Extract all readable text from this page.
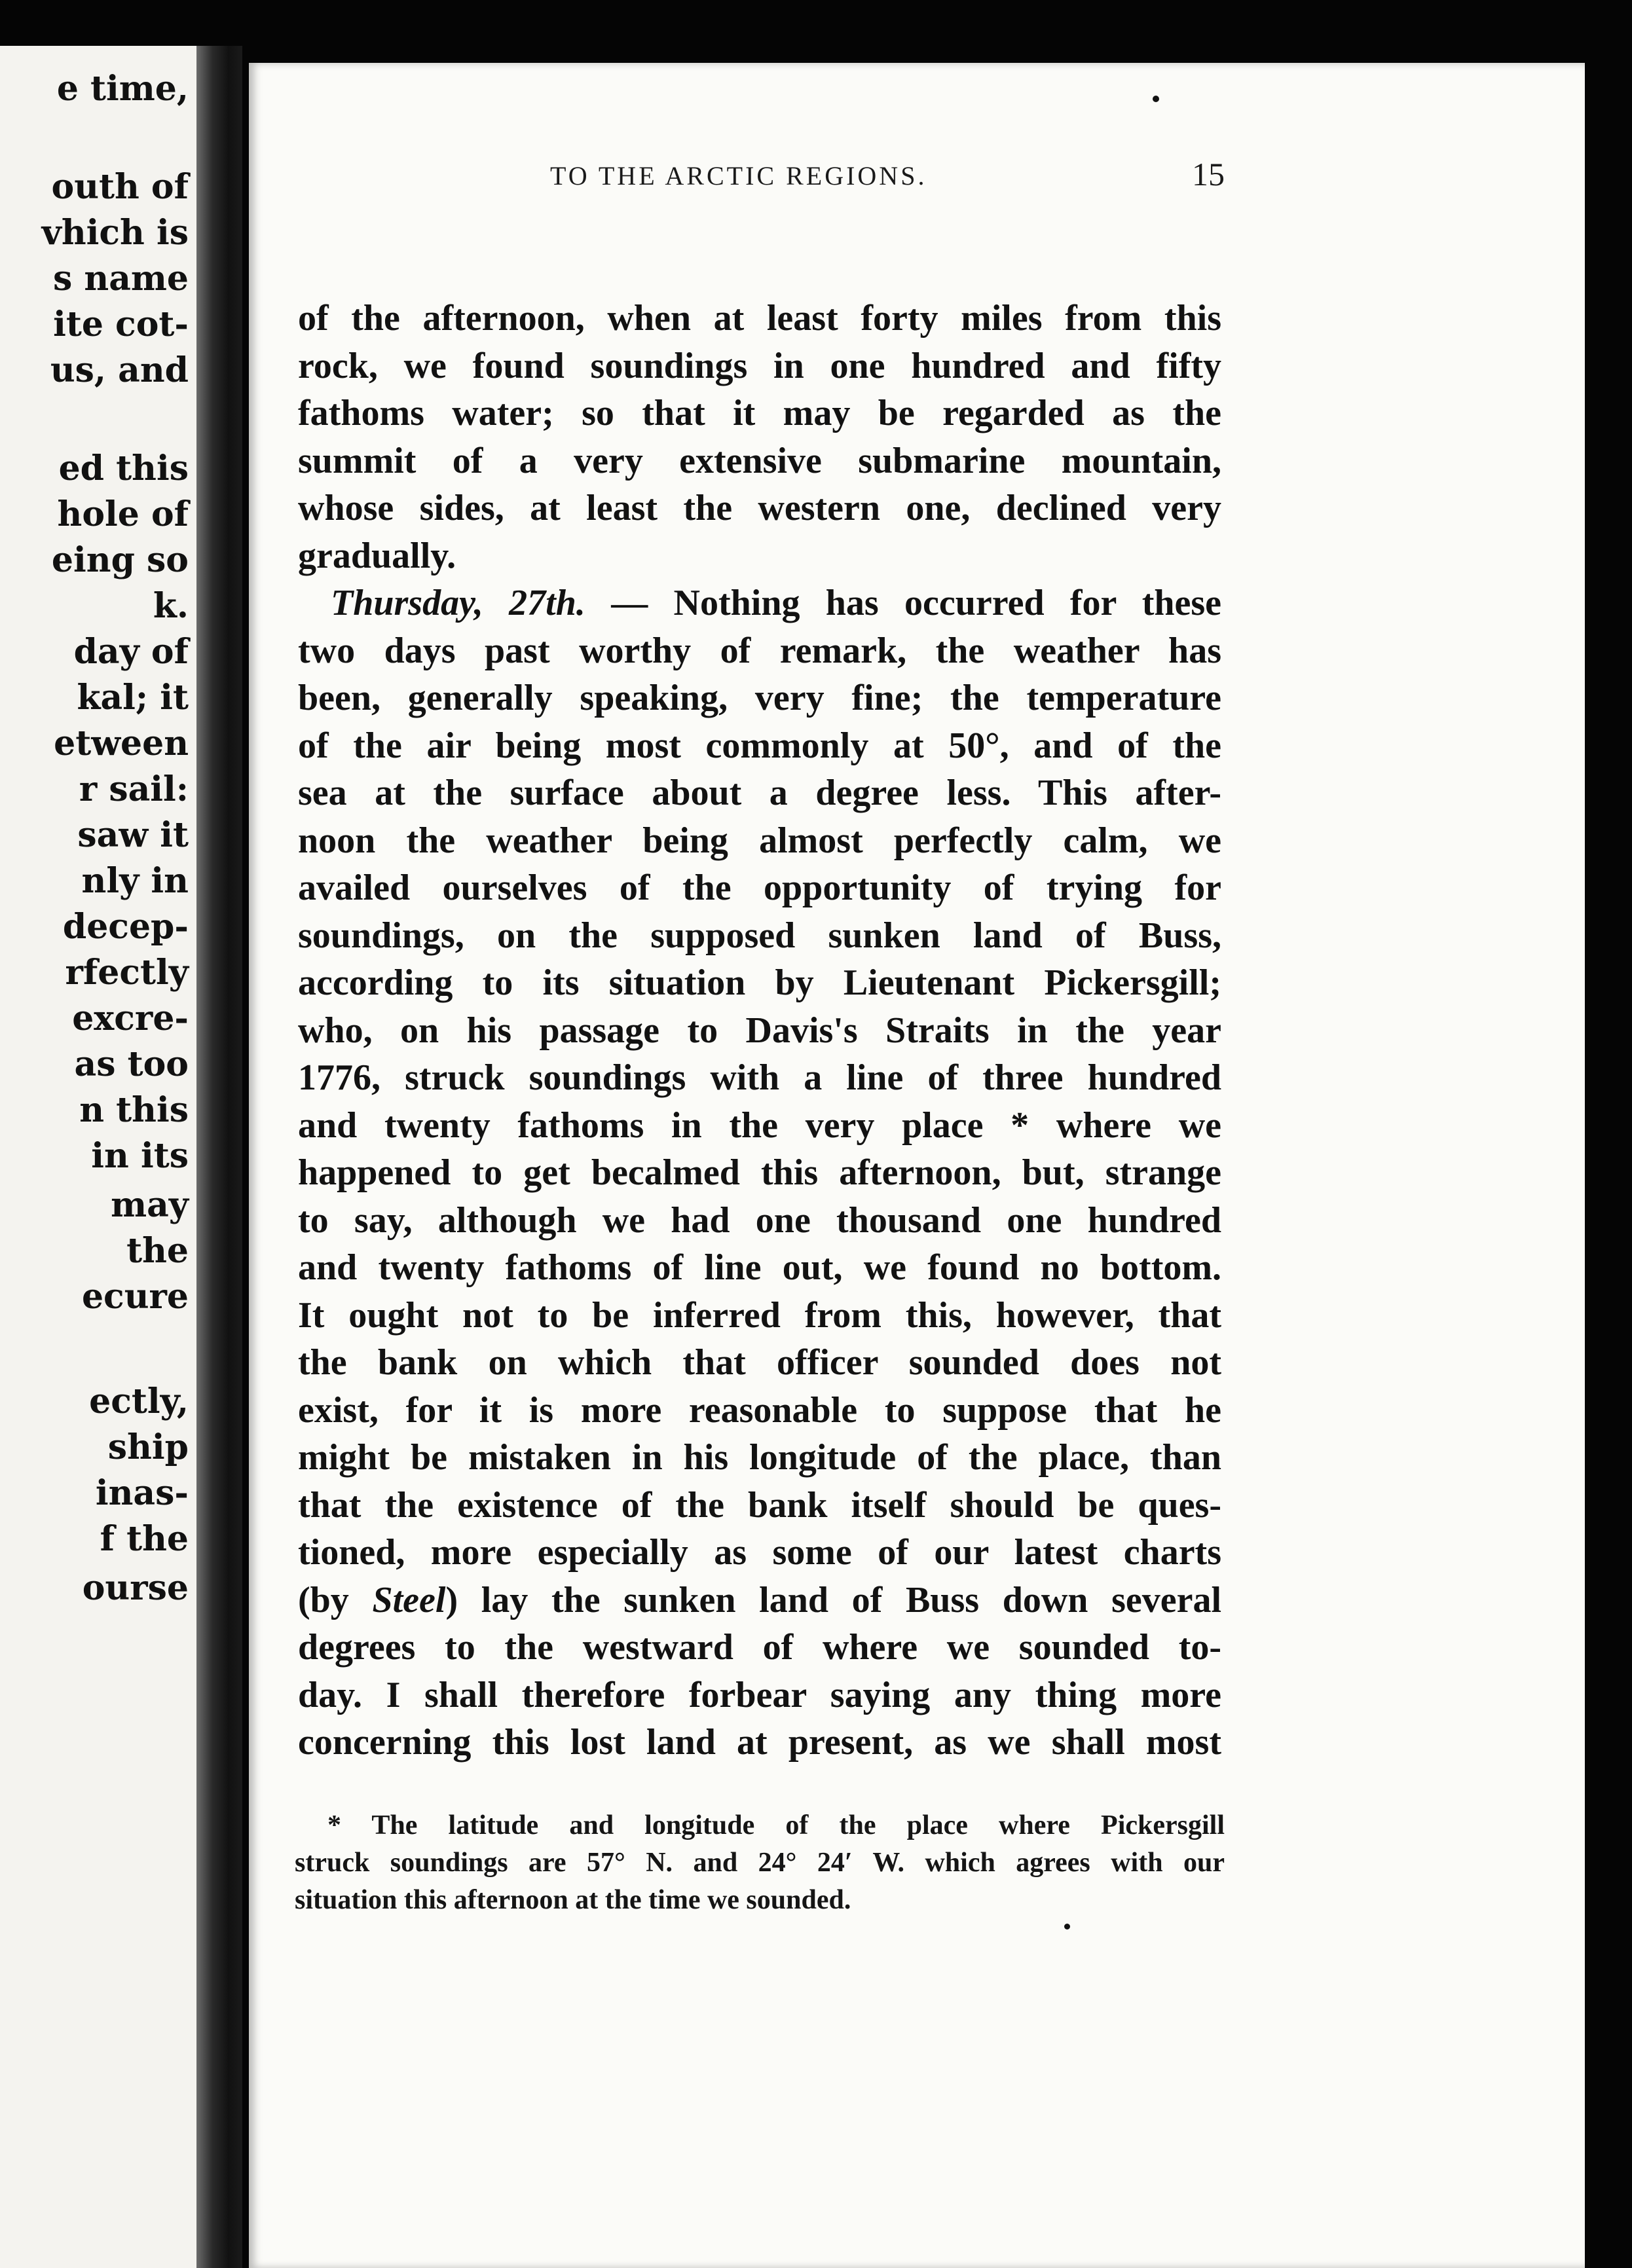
e time,
outh of
vhich is
s name
ite cot-
us, and
ed this
hole of
eing so
k.
day of
kal; it
etween
r sail:
saw it
nly in
decep-
rfectly
excre-
as too
n this
in its
may
the
ecure
ectly,
ship
inas-
f the
ourse
TO THE ARCTIC REGIONS.	15
of the afternoon, when at least forty miles from this
rock, we found soundings in one hundred and fifty
fathoms water; so that it may be regarded as the
summit of a very extensive submarine mountain,
whose sides, at least the western one, declined very
gradually.
Thursday, 27th. — Nothing has occurred for these
two days past worthy of remark, the weather has
been, generally speaking, very fine; the temperature
of the air being most commonly at 50°, and of the
sea at the surface about a degree less. This after-
noon the weather being almost perfectly calm, we
availed ourselves of the opportunity of trying for
soundings, on the supposed sunken land of Buss,
according to its situation by Lieutenant Pickersgill;
who, on his passage to Davis's Straits in the year
1776, struck soundings with a line of three hundred
and twenty fathoms in the very place * where we
happened to get becalmed this afternoon, but, strange
to say, although we had one thousand one hundred
and twenty fathoms of line out, we found no bottom.
It ought not to be inferred from this, however, that
the bank on which that officer sounded does not
exist, for it is more reasonable to suppose that he
might be mistaken in his longitude of the place, than
that the existence of the bank itself should be ques-
tioned, more especially as some of our latest charts
(by Steel) lay the sunken land of Buss down several
degrees to the westward of where we sounded to-
day. I shall therefore forbear saying any thing more
concerning this lost land at present, as we shall most
* The latitude and longitude of the place where Pickersgill
struck soundings are 57° N. and 24° 24′ W. which agrees with our
situation this afternoon at the time we sounded.
